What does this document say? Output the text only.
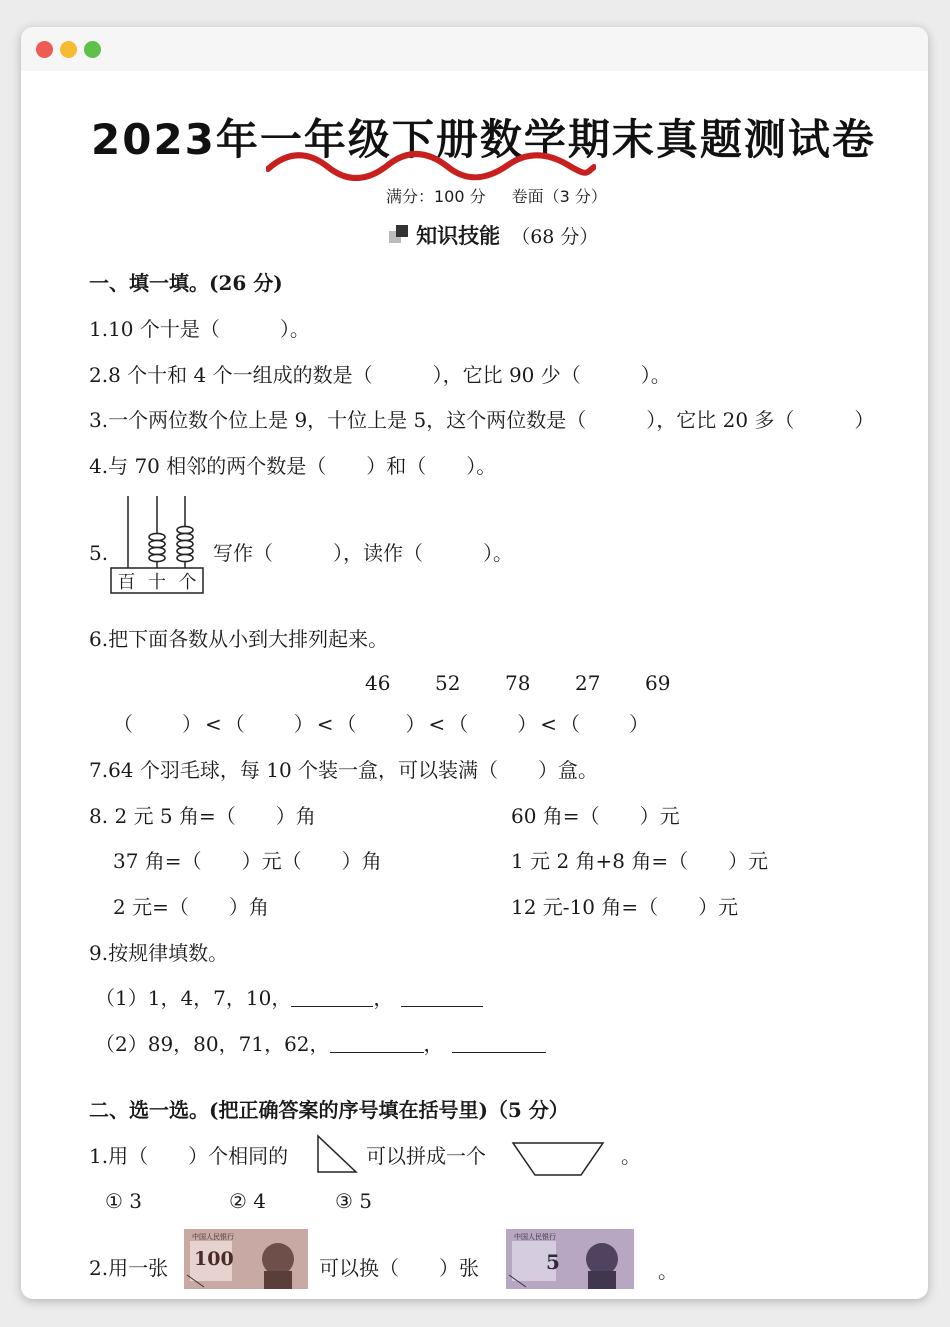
2023年一年级下册数学期末真题测试卷
满分：100 分 卷面（3 分）
知识技能 （68 分）
一、填一填。(26 分)
1.10 个十是（　　　）。
2.8 个十和 4 个一组成的数是（　　　），它比 90 少（　　　）。
3.一个两位数个位上是 9，十位上是 5，这个两位数是（　　　），它比 20 多（　　　）
4.与 70 相邻的两个数是（　　）和（　　）。
5.
百 十 个
写作（　　　），读作（　　　）。
6.把下面各数从小到大排列起来。
46 52 78 27 69
（　　）<（　　）<（　　）<（　　）<（　　）
7.64 个羽毛球，每 10 个装一盒，可以装满（　　）盒。
8. 2 元 5 角=（　　）角	60 角=（　　）元
37 角=（　　）元（　　）角	1 元 2 角+8 角=（　　）元
2 元=（　　）角	12 元-10 角=（　　）元
9.按规律填数。
（1）1，4，7，10，	，
（2）89，80，71，62，	，
二、选一选。(把正确答案的序号填在括号里)（5 分）
1.用（　　）个相同的	可以拼成一个	。
① 3	② 4	③ 5
2.用一张
中国人民银行
100	可以换（　　）张
中国人民银行
5	。
